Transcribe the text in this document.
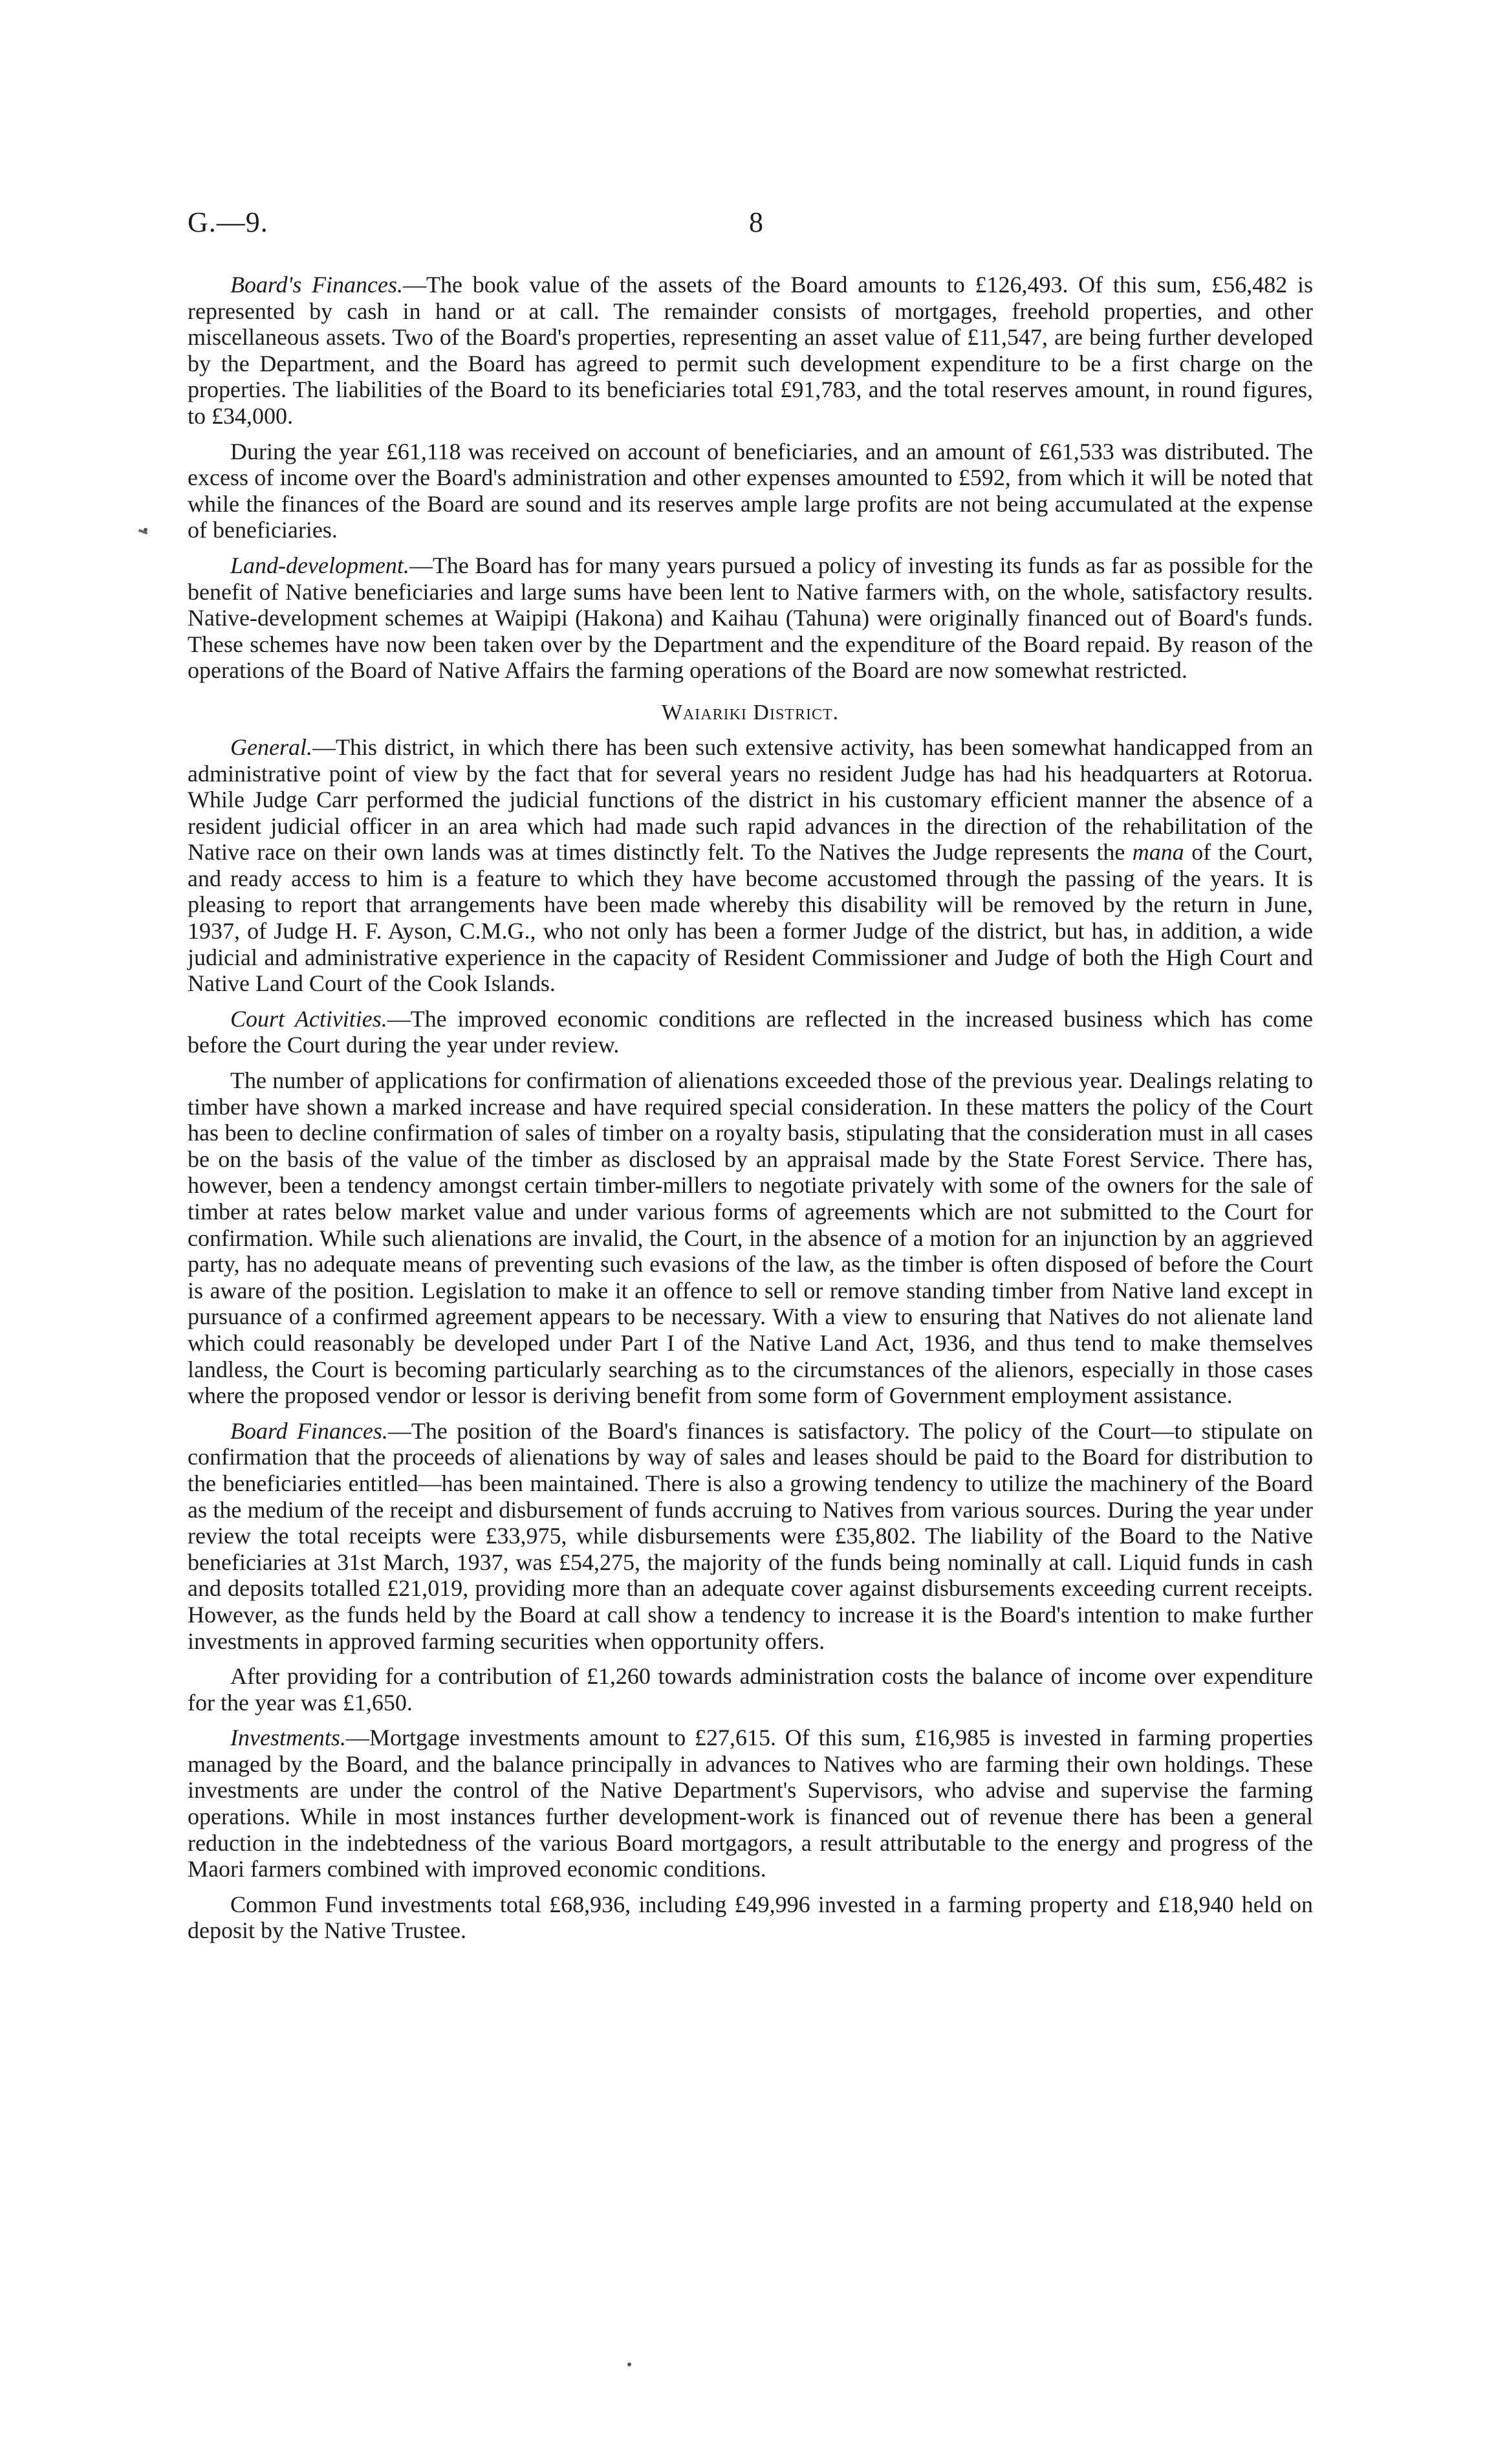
G.—9.	8

Board's Finances.—The book value of the assets of the Board amounts to £126,493. Of this sum, £56,482 is represented by cash in hand or at call. The remainder consists of mortgages, freehold properties, and other miscellaneous assets. Two of the Board's properties, representing an asset value of £11,547, are being further developed by the Department, and the Board has agreed to permit such development expenditure to be a first charge on the properties. The liabilities of the Board to its beneficiaries total £91,783, and the total reserves amount, in round figures, to £34,000.

During the year £61,118 was received on account of beneficiaries, and an amount of £61,533 was distributed. The excess of income over the Board's administration and other expenses amounted to £592, from which it will be noted that while the finances of the Board are sound and its reserves ample large profits are not being accumulated at the expense of beneficiaries.

Land-development.—The Board has for many years pursued a policy of investing its funds as far as possible for the benefit of Native beneficiaries and large sums have been lent to Native farmers with, on the whole, satisfactory results. Native-development schemes at Waipipi (Hakona) and Kaihau (Tahuna) were originally financed out of Board's funds. These schemes have now been taken over by the Department and the expenditure of the Board repaid. By reason of the operations of the Board of Native Affairs the farming operations of the Board are now somewhat restricted.

Waiariki District.

General.—This district, in which there has been such extensive activity, has been somewhat handicapped from an administrative point of view by the fact that for several years no resident Judge has had his headquarters at Rotorua. While Judge Carr performed the judicial functions of the district in his customary efficient manner the absence of a resident judicial officer in an area which had made such rapid advances in the direction of the rehabilitation of the Native race on their own lands was at times distinctly felt. To the Natives the Judge represents the mana of the Court, and ready access to him is a feature to which they have become accustomed through the passing of the years. It is pleasing to report that arrangements have been made whereby this disability will be removed by the return in June, 1937, of Judge H. F. Ayson, C.M.G., who not only has been a former Judge of the district, but has, in addition, a wide judicial and administrative experience in the capacity of Resident Commissioner and Judge of both the High Court and Native Land Court of the Cook Islands.

Court Activities.—The improved economic conditions are reflected in the increased business which has come before the Court during the year under review.

The number of applications for confirmation of alienations exceeded those of the previous year. Dealings relating to timber have shown a marked increase and have required special consideration. In these matters the policy of the Court has been to decline confirmation of sales of timber on a royalty basis, stipulating that the consideration must in all cases be on the basis of the value of the timber as disclosed by an appraisal made by the State Forest Service. There has, however, been a tendency amongst certain timber-millers to negotiate privately with some of the owners for the sale of timber at rates below market value and under various forms of agreements which are not submitted to the Court for confirmation. While such alienations are invalid, the Court, in the absence of a motion for an injunction by an aggrieved party, has no adequate means of preventing such evasions of the law, as the timber is often disposed of before the Court is aware of the position. Legislation to make it an offence to sell or remove standing timber from Native land except in pursuance of a confirmed agreement appears to be necessary. With a view to ensuring that Natives do not alienate land which could reasonably be developed under Part I of the Native Land Act, 1936, and thus tend to make themselves landless, the Court is becoming particularly searching as to the circumstances of the alienors, especially in those cases where the proposed vendor or lessor is deriving benefit from some form of Government employment assistance.

Board Finances.—The position of the Board's finances is satisfactory. The policy of the Court—to stipulate on confirmation that the proceeds of alienations by way of sales and leases should be paid to the Board for distribution to the beneficiaries entitled—has been maintained. There is also a growing tendency to utilize the machinery of the Board as the medium of the receipt and disbursement of funds accruing to Natives from various sources. During the year under review the total receipts were £33,975, while disbursements were £35,802. The liability of the Board to the Native beneficiaries at 31st March, 1937, was £54,275, the majority of the funds being nominally at call. Liquid funds in cash and deposits totalled £21,019, providing more than an adequate cover against disbursements exceeding current receipts. However, as the funds held by the Board at call show a tendency to increase it is the Board's intention to make further investments in approved farming securities when opportunity offers.

After providing for a contribution of £1,260 towards administration costs the balance of income over expenditure for the year was £1,650.

Investments.—Mortgage investments amount to £27,615. Of this sum, £16,985 is invested in farming properties managed by the Board, and the balance principally in advances to Natives who are farming their own holdings. These investments are under the control of the Native Department's Supervisors, who advise and supervise the farming operations. While in most instances further development-work is financed out of revenue there has been a general reduction in the indebtedness of the various Board mortgagors, a result attributable to the energy and progress of the Maori farmers combined with improved economic conditions.

Common Fund investments total £68,936, including £49,996 invested in a farming property and £18,940 held on deposit by the Native Trustee.
